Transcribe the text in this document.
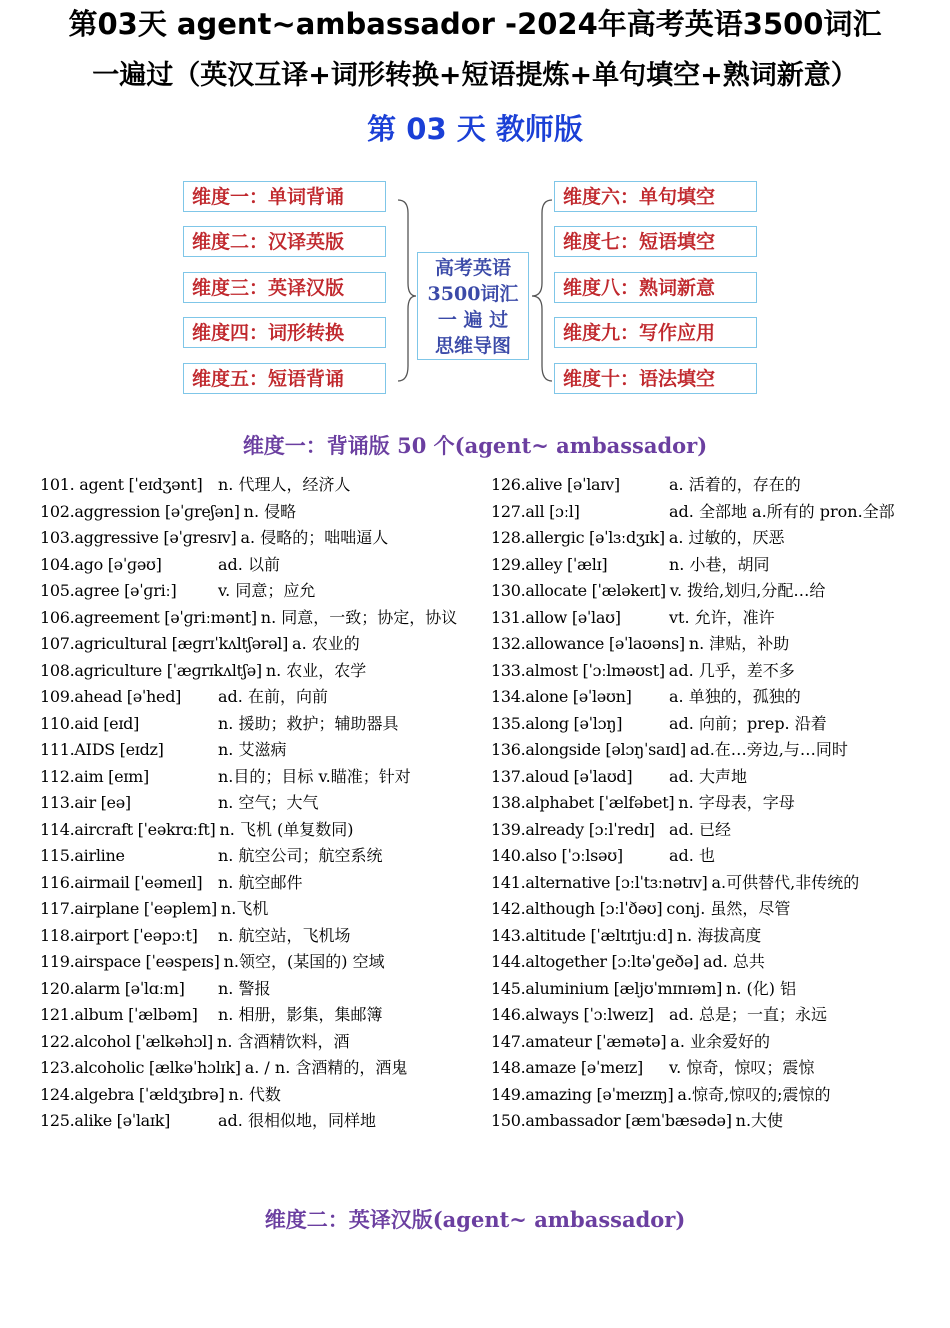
第03天 agent~ambassador -2024年高考英语3500词汇
一遍过（英汉互译+词形转换+短语提炼+单句填空+熟词新意）
第 03 天 教师版
维度一：单词背诵
维度二：汉译英版
维度三：英译汉版
维度四：词形转换
维度五：短语背诵
高考英语
3500词汇
一 遍 过
思维导图
维度六：单句填空
维度七：短语填空
维度八：熟词新意
维度九：写作应用
维度十：语法填空
维度一：背诵版 50 个(agent~ ambassador)
101. agent [ˈeɪdʒənt] n. 代理人，经济人
102.aggression [əˈɡreʃən] n. 侵略
103.aggressive [əˈɡresɪv] a. 侵略的；咄咄逼人
104.ago [əˈɡəʊ]	ad. 以前
105.agree [əˈɡriː]	v. 同意；应允
106.agreement [əˈɡriːmənt] n. 同意，一致；协定，协议
107.agricultural [æɡrɪˈkʌltʃərəl] a. 农业的
108.agriculture [ˈæɡrɪkʌltʃə] n. 农业，农学
109.ahead [əˈhed] ad. 在前，向前
110.aid [eɪd]	n. 援助；救护；辅助器具
111.AIDS [eɪdz]	n. 艾滋病
112.aim [eɪm]	n.目的；目标 v.瞄准；针对
113.air [eə]	n. 空气；大气
114.aircraft [ˈeəkrɑːft] n. 飞机 (单复数同)
115.airline	n. 航空公司；航空系统
116.airmail [ˈeəmeɪl] n. 航空邮件
117.airplane [ˈeəplem] n.飞机
118.airport [ˈeəpɔːt] n. 航空站，飞机场
119.airspace [ˈeəspeɪs] n.领空，(某国的) 空域
120.alarm [əˈlɑːm] n. 警报
121.album [ˈælbəm] n. 相册，影集，集邮簿
122.alcohol [ˈælkəhɔl] n. 含酒精饮料，酒
123.alcoholic [ælkəˈhɔlɪk] a. / n. 含酒精的，酒鬼
124.algebra [ˈældʒɪbrə] n. 代数
125.alike [əˈlaɪk]	ad. 很相似地，同样地
126.alive [əˈlaɪv]	a. 活着的，存在的
127.all [ɔːl]	ad. 全部地 a.所有的 pron.全部
128.allergic [əˈlɜːdʒɪk] a. 过敏的，厌恶
129.alley [ˈælɪ]	n. 小巷，胡同
130.allocate [ˈæləkeɪt] v. 拨给,划归,分配…给
131.allow [əˈlaʊ]	vt. 允许，准许
132.allowance [əˈlaʊəns] n. 津贴，补助
133.almost [ˈɔːlməʊst] ad. 几乎，差不多
134.alone [əˈləʊn] a. 单独的，孤独的
135.along [əˈlɔŋ]	ad. 向前；prep. 沿着
136.alongside [əlɔŋˈsaɪd] ad.在…旁边,与…同时
137.aloud [əˈlaʊd] ad. 大声地
138.alphabet [ˈælfəbet] n. 字母表，字母
139.already [ɔːlˈredɪ] ad. 已经
140.also [ˈɔːlsəʊ]	ad. 也
141.alternative [ɔːlˈtɜːnətɪv] a.可供替代,非传统的
142.although [ɔːlˈðəʊ] conj. 虽然，尽管
143.altitude [ˈæltɪtjuːd] n. 海拔高度
144.altogether [ɔːltəˈɡeðə] ad. 总共
145.aluminium [æljʊˈmɪnɪəm] n. (化) 铝
146.always [ˈɔːlweɪz] ad. 总是；一直；永远
147.amateur [ˈæmətə] a. 业余爱好的
148.amaze [əˈmeɪz] v. 惊奇，惊叹；震惊
149.amazing [əˈmeɪzɪŋ] a.惊奇,惊叹的;震惊的
150.ambassador [æmˈbæsədə] n.大使
维度二：英译汉版(agent~ ambassador)
